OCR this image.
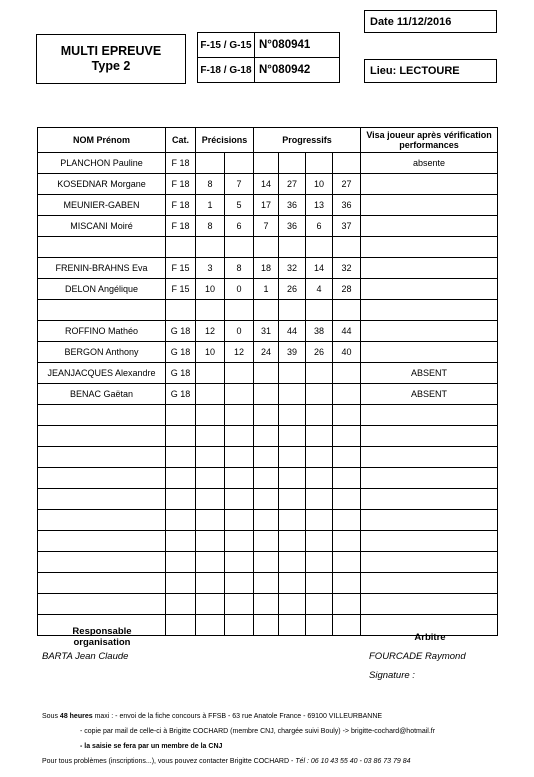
MULTI EPREUVE
Type 2
F-15 / G-15	N°080941
F-18 / G-18	N°080942
Date 11/12/2016
Lieu: LECTOURE
NOM Prénom	Cat.	Précisions		Progressifs				Visa joueur après vérification performances
PLANCHON Pauline	F 18							absente
KOSEDNAR Morgane	F 18	8	7	14	27	10	27	
MEUNIER-GABEN	F 18	1	5	17	36	13	36	
MISCANI Moiré	F 18	8	6	7	36	6	37	

FRENIN-BRAHNS Eva	F 15	3	8	18	32	14	32	
DELON Angélique	F 15	10	0	1	26	4	28	

ROFFINO Mathéo	G 18	12	0	31	44	38	44	
BERGON Anthony	G 18	10	12	24	39	26	40	
JEANJACQUES Alexandre	G 18							ABSENT
BENAC Gaëtan	G 18							ABSENT

Responsable organisation
BARTA Jean Claude
Arbitre
FOURCADE Raymond
Signature :
Sous 48 heures maxi : - envoi de la fiche concours à FFSB - 63 rue Anatole France - 69100 VILLEURBANNE
- copie par mail de celle-ci à Brigitte COCHARD (membre CNJ, chargée suivi Bouly) -> brigitte-cochard@hotmail.fr
- la saisie se fera par un membre de la CNJ
Pour tous problèmes (inscriptions...), vous pouvez contacter Brigitte COCHARD - Tél : 06 10 43 55 40 - 03 86 73 79 84
